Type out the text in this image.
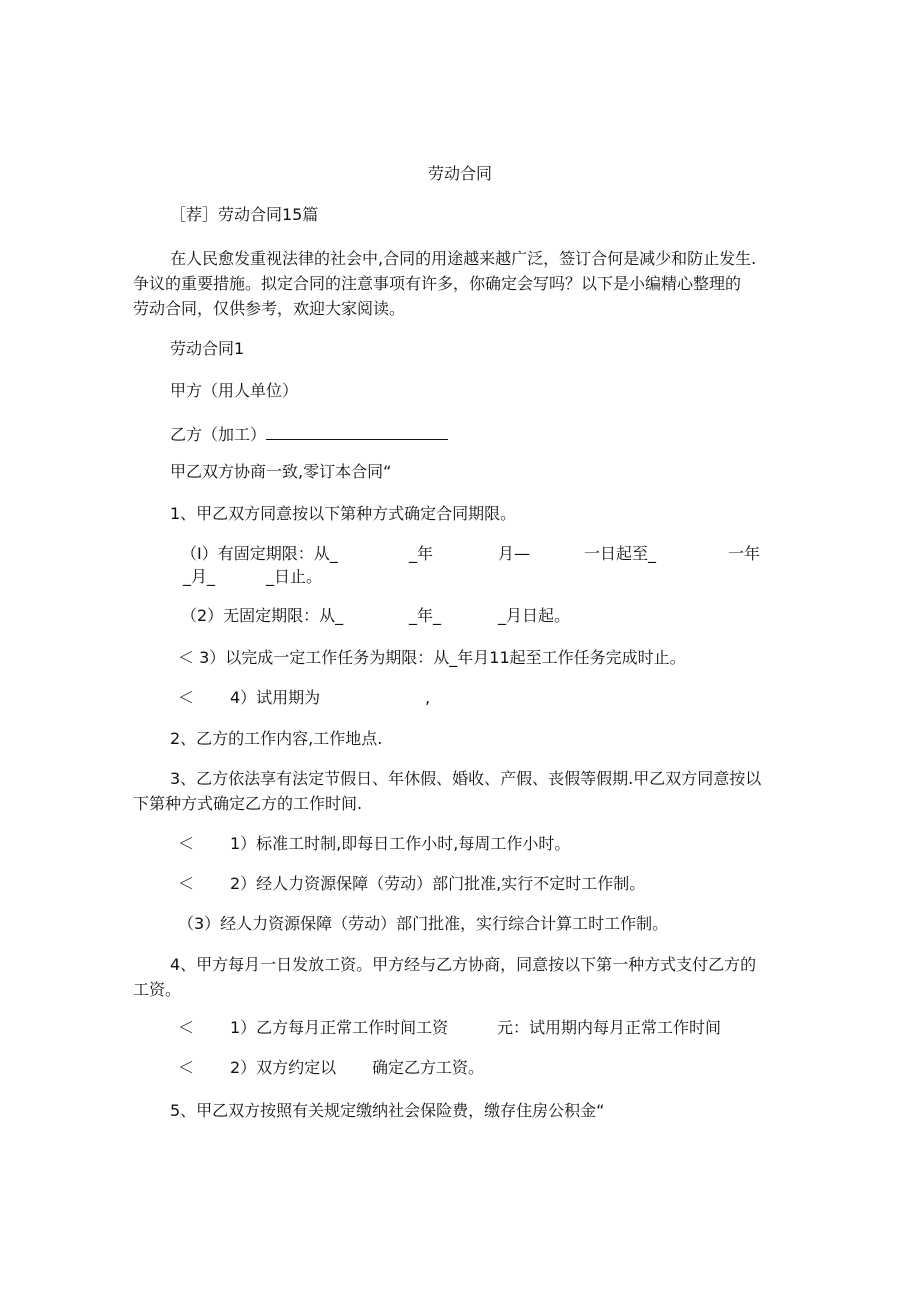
劳动合同
［荐］劳动合同15篇
在人民愈发重视法律的社会中,合同的用途越来越广泛，签订合何是减少和防止发生.
争议的重要措施。拟定合同的注意事项有许多，你确定会写吗？以下是小编精心整理的
劳动合同，仅供参考，欢迎大家阅读。
劳动合同1
甲方（用人单位）
乙方（加工）
甲乙双方协商一致,零订本合同“
1、甲乙双方同意按以下第种方式确定合同期限。
（I）有固定期限：从_	_年	月—	一日起至_	一年
_月_	_日止。
（2）无固定期限：从_	_年_	_月日起。
＜ 3）以完成一定工作任务为期限：从_年月11起至工作任务完成时止。
＜ 4）试用期为	,
2、乙方的工作内容,工作地点.
3、乙方依法享有法定节假日、年休假、婚收、产假、丧假等假期.甲乙双方同意按以
下第种方式确定乙方的工作时间.
＜ 1）标准工时制,即每日工作小时,每周工作小时。
＜ 2）经人力资源保障（劳动）部门批准,实行不定时工作制。
（3）经人力资源保障（劳动）部门批准，实行综合计算工时工作制。
4、甲方每月一日发放工资。甲方经与乙方协商，同意按以下第一种方式支付乙方的
工资。
＜ 1）乙方每月正常工作时间工资	元：试用期内每月正常工作时间
＜ 2）双方约定以 确定乙方工资。
5、甲乙双方按照有关规定缴纳社会保险费，缴存住房公积金“
